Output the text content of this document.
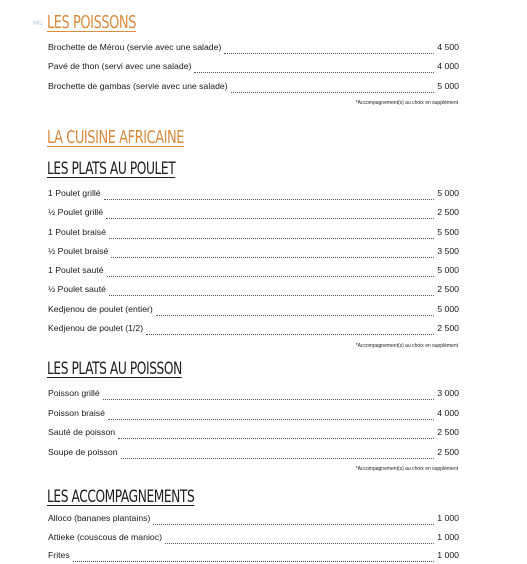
MG LES POISSONS
Brochette de Mérou (servie avec une salade)	4 500
Pavé de thon (servi avec une salade)	4 000
Brochette de gambas (servie avec une salade)	5 000
*Accompagnement(s) au choix en supplément
LA CUISINE AFRICAINE
LES PLATS AU POULET
1 Poulet grillé	5 000
½ Poulet grillé	2 500
1 Poulet braisé	5 500
½ Poulet braisé	3 500
1 Poulet sauté	5 000
½ Poulet sauté	2 500
Kedjenou de poulet (entier)	5 000
Kedjenou de poulet (1/2)	2 500
*Accompagnement(s) au choix en supplément
LES PLATS AU POISSON
Poisson grillé	3 000
Poisson braisé	4 000
Sauté de poisson	2 500
Soupe de poisson	2 500
*Accompagnement(s) au choix en supplément
LES ACCOMPAGNEMENTS
Alloco (bananes plantains)	1 000
Attieke (couscous de manioc)	1 000
Frites	1 000
